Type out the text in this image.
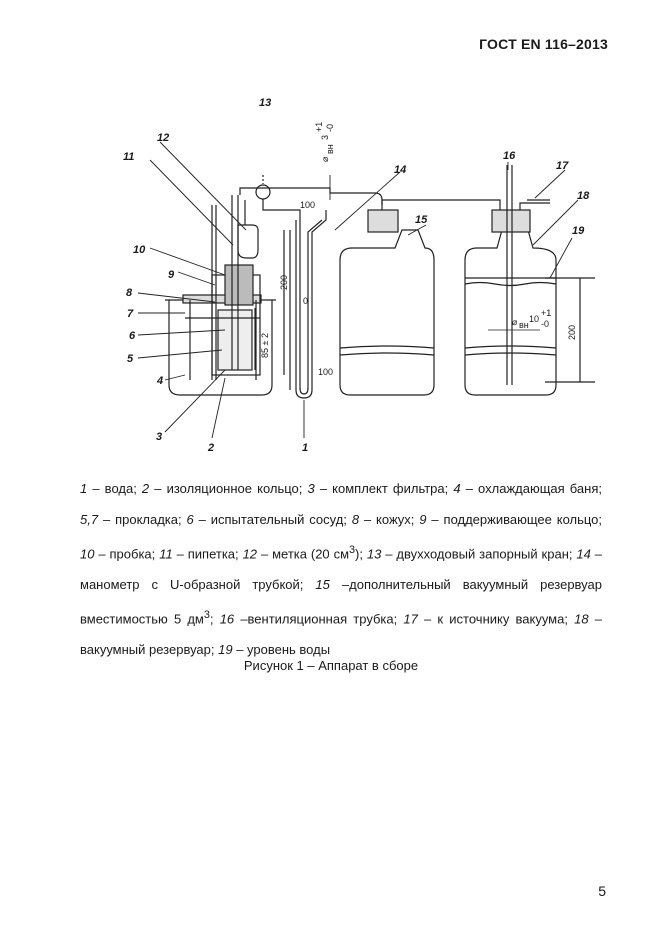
ГОСТ EN 116–2013
1
2
3
4
5
6
7
8
9
10
11
12
13
14
15
16
17
18
19
100
0
100
200
85 ± 2
200
⌀
вн
3
+1 -0
⌀ вн
10
+1
-0
1 – вода; 2 – изоляционное кольцо; 3 – комплект фильтра; 4 – охлаждающая баня; 5,7 – прокладка; 6 – испытательный сосуд; 8 – кожух; 9 – поддерживающее кольцо; 10 – пробка; 11 – пипетка; 12 – метка (20 $см^3$); 13 – двухходовый запорный кран; 14 – манометр с U-образной трубкой; 15 –дополнительный вакуумный резервуар вместимостью 5 $дм^3$; 16 –вентиляционная трубка; 17 – к источнику вакуума; 18 – вакуумный резервуар; 19 – уровень воды
Рисунок 1 – Аппарат в сборе
5
